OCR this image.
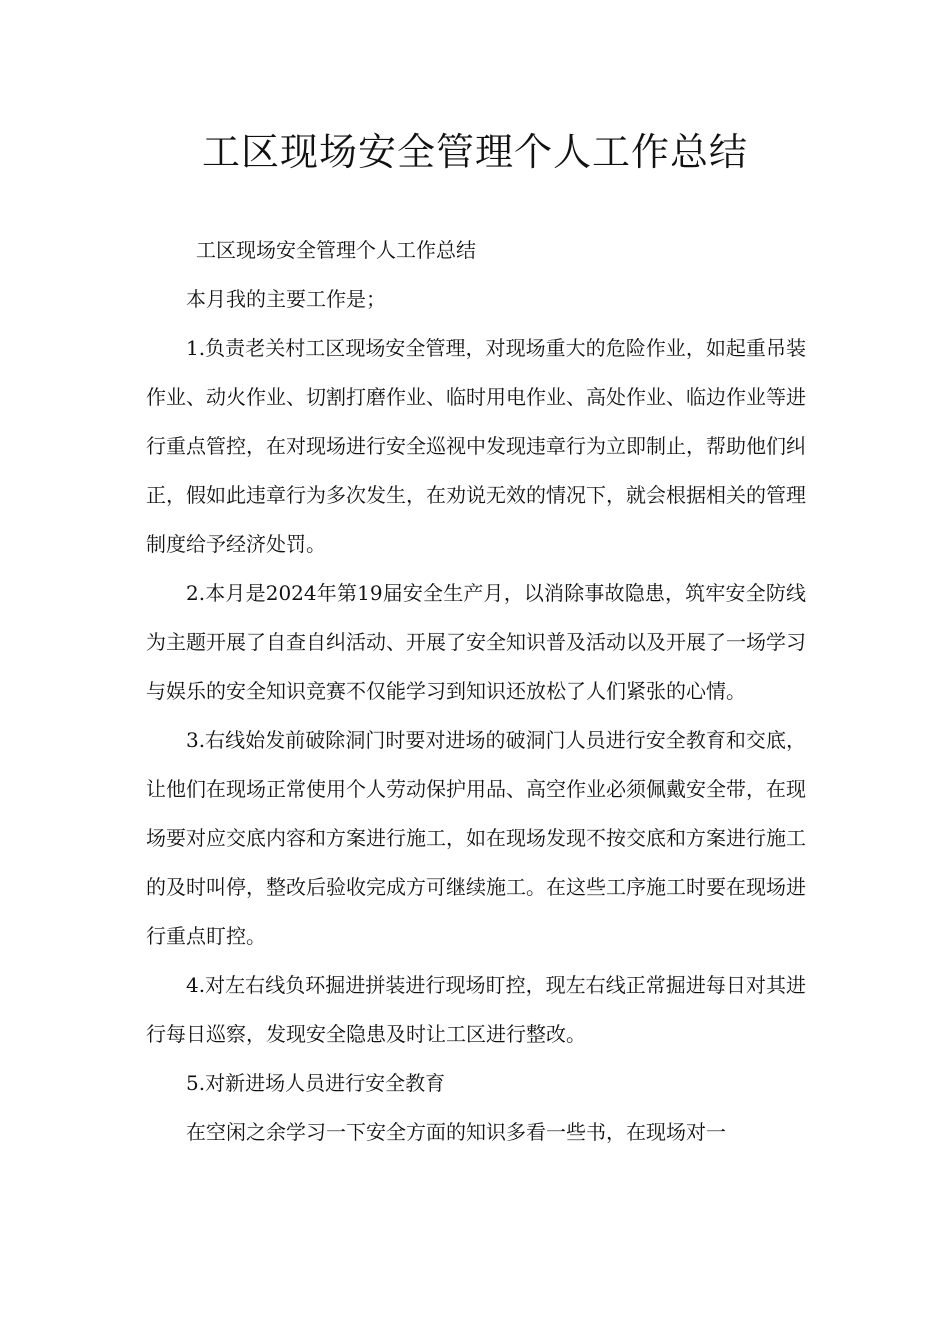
工区现场安全管理个人工作总结

工区现场安全管理个人工作总结

本月我的主要工作是；

1.负责老关村工区现场安全管理，对现场重大的危险作业，如起重吊装作业、动火作业、切割打磨作业、临时用电作业、高处作业、临边作业等进行重点管控，在对现场进行安全巡视中发现违章行为立即制止，帮助他们纠正，假如此违章行为多次发生，在劝说无效的情况下，就会根据相关的管理制度给予经济处罚。

2.本月是2024年第19届安全生产月，以消除事故隐患，筑牢安全防线为主题开展了自查自纠活动、开展了安全知识普及活动以及开展了一场学习与娱乐的安全知识竞赛不仅能学习到知识还放松了人们紧张的心情。

3.右线始发前破除洞门时要对进场的破洞门人员进行安全教育和交底，让他们在现场正常使用个人劳动保护用品、高空作业必须佩戴安全带，在现场要对应交底内容和方案进行施工，如在现场发现不按交底和方案进行施工的及时叫停，整改后验收完成方可继续施工。在这些工序施工时要在现场进行重点盯控。

4.对左右线负环掘进拼装进行现场盯控，现左右线正常掘进每日对其进行每日巡察，发现安全隐患及时让工区进行整改。

5.对新进场人员进行安全教育

在空闲之余学习一下安全方面的知识多看一些书，在现场对一
